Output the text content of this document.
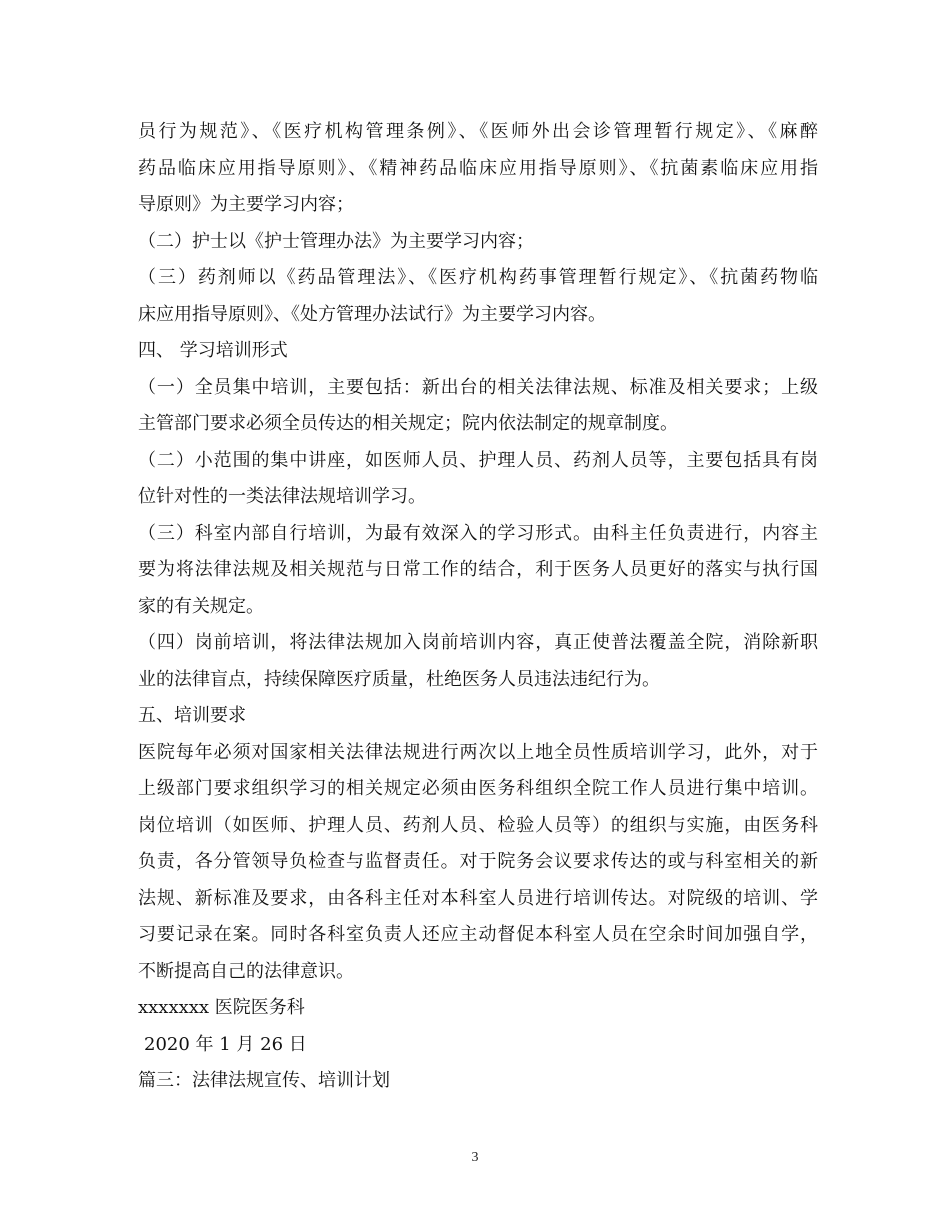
员行为规范》、《医疗机构管理条例》、《医师外出会诊管理暂行规定》、《麻醉
药品临床应用指导原则》、《精神药品临床应用指导原则》、《抗菌素临床应用指
导原则》为主要学习内容；
（二）护士以《护士管理办法》为主要学习内容；
（三）药剂师以《药品管理法》、《医疗机构药事管理暂行规定》、《抗菌药物临
床应用指导原则》、《处方管理办法试行》为主要学习内容。
四、 学习培训形式
（一）全员集中培训，主要包括：新出台的相关法律法规、标准及相关要求；上级
主管部门要求必须全员传达的相关规定；院内依法制定的规章制度。
（二）小范围的集中讲座，如医师人员、护理人员、药剂人员等，主要包括具有岗
位针对性的一类法律法规培训学习。
（三）科室内部自行培训，为最有效深入的学习形式。由科主任负责进行，内容主
要为将法律法规及相关规范与日常工作的结合，利于医务人员更好的落实与执行国
家的有关规定。
（四）岗前培训，将法律法规加入岗前培训内容，真正使普法覆盖全院，消除新职
业的法律盲点，持续保障医疗质量，杜绝医务人员违法违纪行为。
五、培训要求
医院每年必须对国家相关法律法规进行两次以上地全员性质培训学习，此外，对于
上级部门要求组织学习的相关规定必须由医务科组织全院工作人员进行集中培训。
岗位培训（如医师、护理人员、药剂人员、检验人员等）的组织与实施，由医务科
负责，各分管领导负检查与监督责任。对于院务会议要求传达的或与科室相关的新
法规、新标准及要求，由各科主任对本科室人员进行培训传达。对院级的培训、学
习要记录在案。同时各科室负责人还应主动督促本科室人员在空余时间加强自学，
不断提高自己的法律意识。
xxxxxxx 医院医务科
2020 年 1 月 26 日
篇三：法律法规宣传、培训计划
3
